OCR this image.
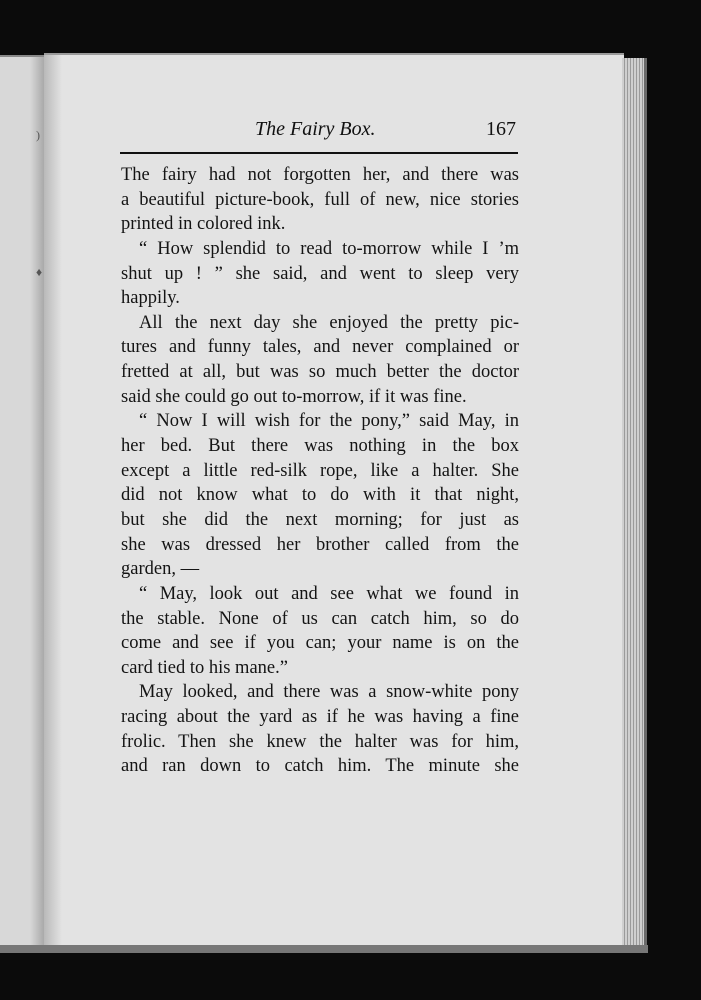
)
♦
The Fairy Box.	167
The fairy had not forgotten her, and there was
a beautiful picture-book, full of new, nice stories
printed in colored ink.
“ How splendid to read to-morrow while I ’m
shut up ! ” she said, and went to sleep very
happily.
All the next day she enjoyed the pretty pic-
tures and funny tales, and never complained or
fretted at all, but was so much better the doctor
said she could go out to-morrow, if it was fine.
“ Now I will wish for the pony,” said May, in
her bed. But there was nothing in the box
except a little red-silk rope, like a halter. She
did not know what to do with it that night,
but she did the next morning; for just as
she was dressed her brother called from the
garden, —
“ May, look out and see what we found in
the stable. None of us can catch him, so do
come and see if you can; your name is on the
card tied to his mane.”
May looked, and there was a snow-white pony
racing about the yard as if he was having a fine
frolic. Then she knew the halter was for him,
and ran down to catch him. The minute she
